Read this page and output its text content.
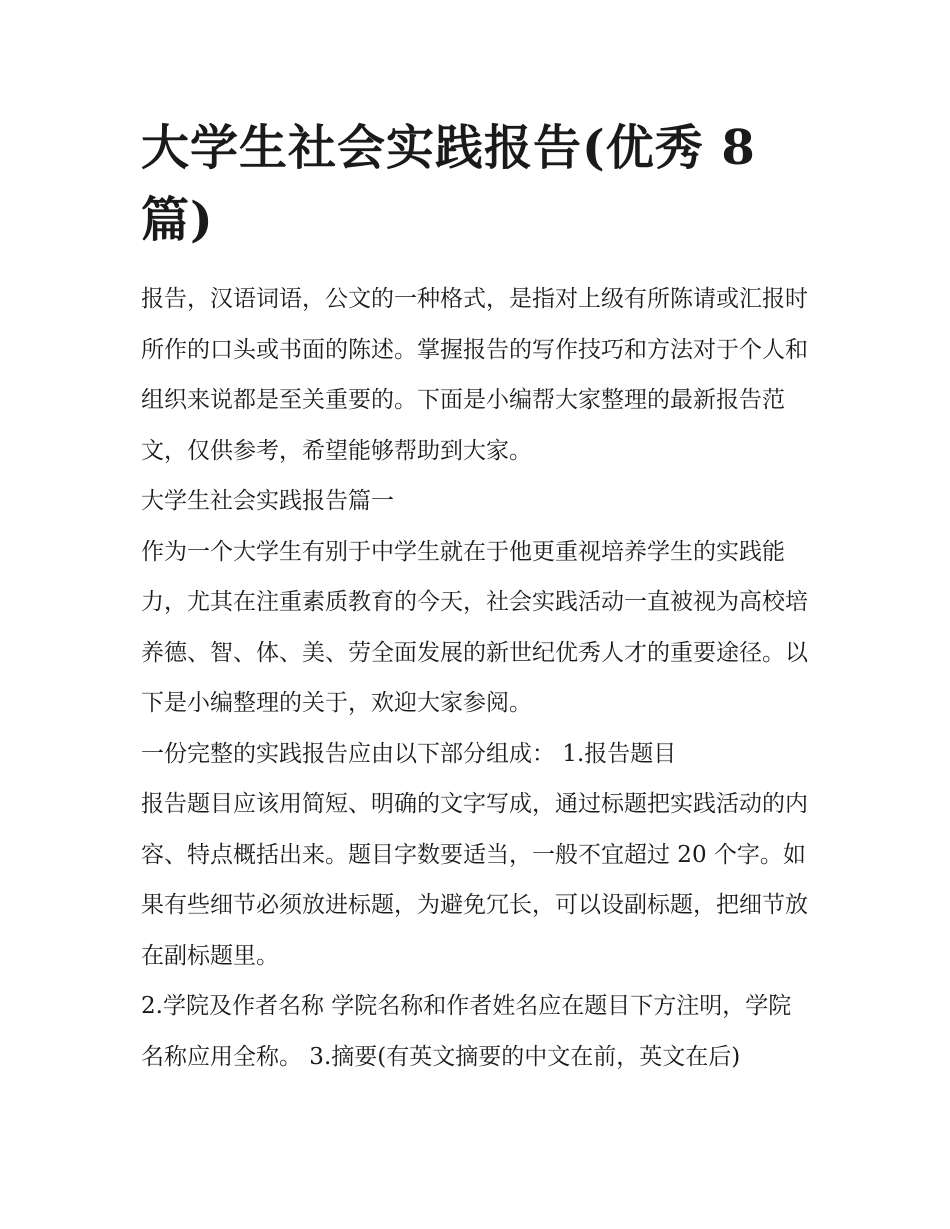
大学生社会实践报告(优秀 8 篇)

报告，汉语词语，公文的一种格式，是指对上级有所陈请或汇报时所作的口头或书面的陈述。掌握报告的写作技巧和方法对于个人和组织来说都是至关重要的。下面是小编帮大家整理的最新报告范文，仅供参考，希望能够帮助到大家。

大学生社会实践报告篇一

作为一个大学生有别于中学生就在于他更重视培养学生的实践能力，尤其在注重素质教育的今天，社会实践活动一直被视为高校培养德、智、体、美、劳全面发展的新世纪优秀人才的重要途径。以下是小编整理的关于，欢迎大家参阅。

一份完整的实践报告应由以下部分组成： 1.报告题目

报告题目应该用简短、明确的文字写成，通过标题把实践活动的内容、特点概括出来。题目字数要适当，一般不宜超过 20 个字。如果有些细节必须放进标题，为避免冗长，可以设副标题，把细节放在副标题里。

2.学院及作者名称 学院名称和作者姓名应在题目下方注明，学院名称应用全称。 3.摘要(有英文摘要的中文在前，英文在后)
